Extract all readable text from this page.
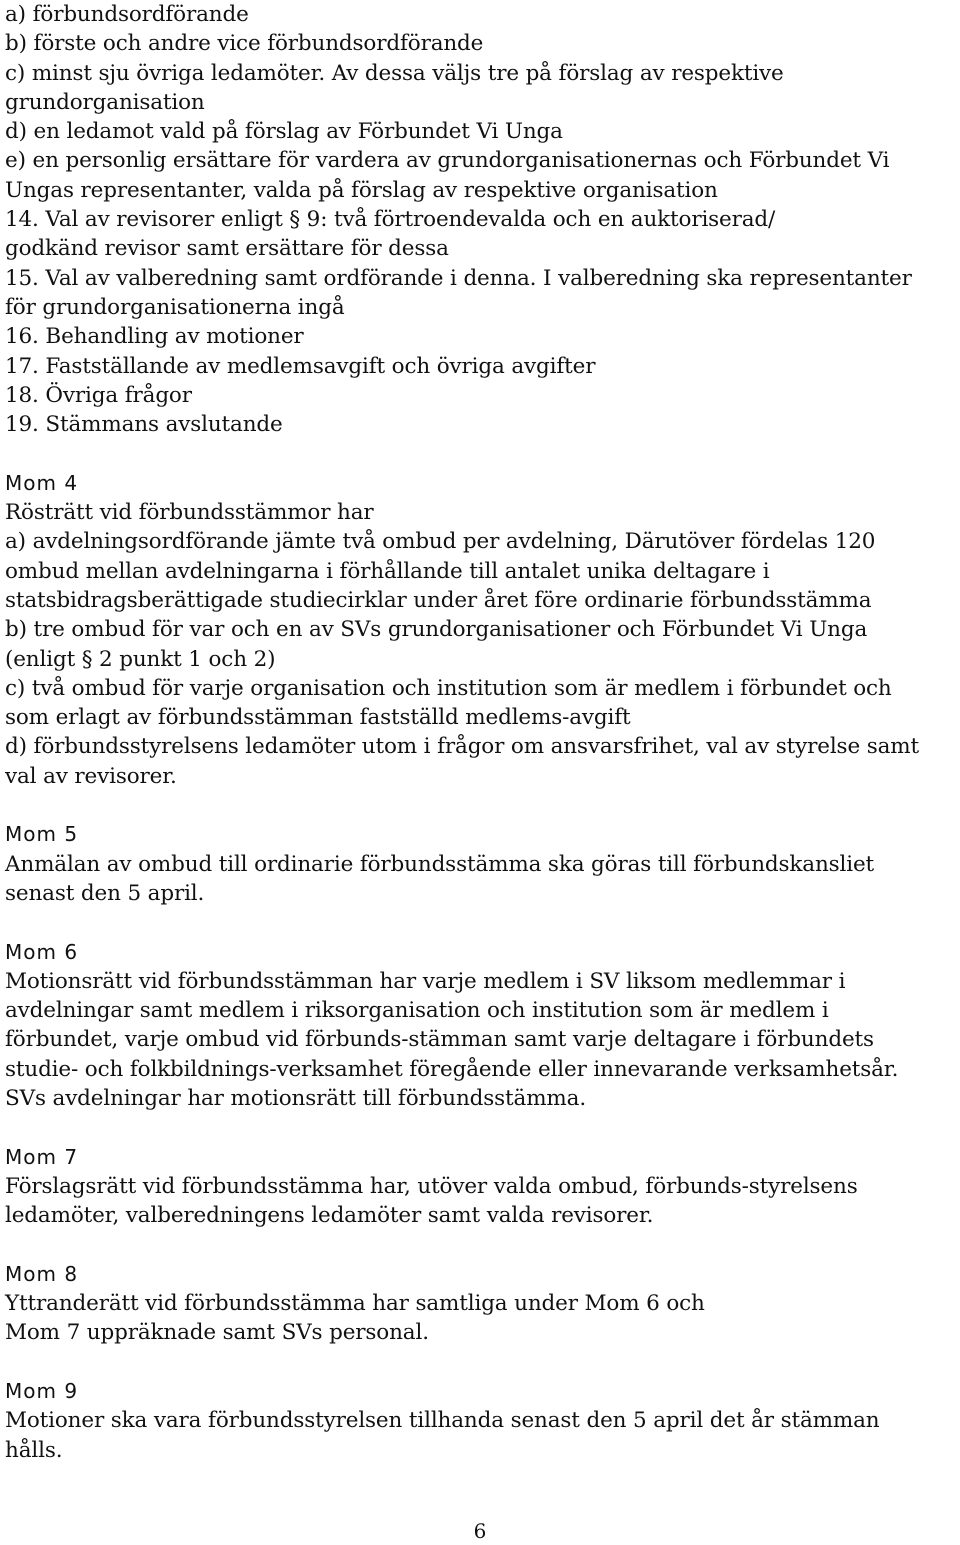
a) förbundsordförande
b) förste och andre vice förbundsordförande
c) minst sju övriga ledamöter. Av dessa väljs tre på förslag av respektive
grundorganisation
d) en ledamot vald på förslag av Förbundet Vi Unga
e) en personlig ersättare för vardera av grundorganisationernas och Förbundet Vi
Ungas representanter, valda på förslag av respektive organisation
14. Val av revisorer enligt § 9: två förtroendevalda och en auktoriserad/
godkänd revisor samt ersättare för dessa
15. Val av valberedning samt ordförande i denna. I valberedning ska representanter
för grundorganisationerna ingå
16. Behandling av motioner
17. Fastställande av medlemsavgift och övriga avgifter
18. Övriga frågor
19. Stämmans avslutande
Mom 4
Rösträtt vid förbundsstämmor har
a) avdelningsordförande jämte två ombud per avdelning, Därutöver fördelas 120
ombud mellan avdelningarna i förhållande till antalet unika deltagare i
statsbidragsberättigade studiecirklar under året före ordinarie förbundsstämma
b) tre ombud för var och en av SVs grundorganisationer och Förbundet Vi Unga
(enligt § 2 punkt 1 och 2)
c) två ombud för varje organisation och institution som är medlem i förbundet och
som erlagt av förbundsstämman fastställd medlems-avgift
d) förbundsstyrelsens ledamöter utom i frågor om ansvarsfrihet, val av styrelse samt
val av revisorer.
Mom 5
Anmälan av ombud till ordinarie förbundsstämma ska göras till förbundskansliet
senast den 5 april.
Mom 6
Motionsrätt vid förbundsstämman har varje medlem i SV liksom medlemmar i
avdelningar samt medlem i riksorganisation och institution som är medlem i
förbundet, varje ombud vid förbunds-stämman samt varje deltagare i förbundets
studie- och folkbildnings-verksamhet föregående eller innevarande verksamhetsår.
SVs avdelningar har motionsrätt till förbundsstämma.
Mom 7
Förslagsrätt vid förbundsstämma har, utöver valda ombud, förbunds-styrelsens
ledamöter, valberedningens ledamöter samt valda revisorer.
Mom 8
Yttranderätt vid förbundsstämma har samtliga under Mom 6 och
Mom 7 uppräknade samt SVs personal.
Mom 9
Motioner ska vara förbundsstyrelsen tillhanda senast den 5 april det år stämman
hålls.
6
